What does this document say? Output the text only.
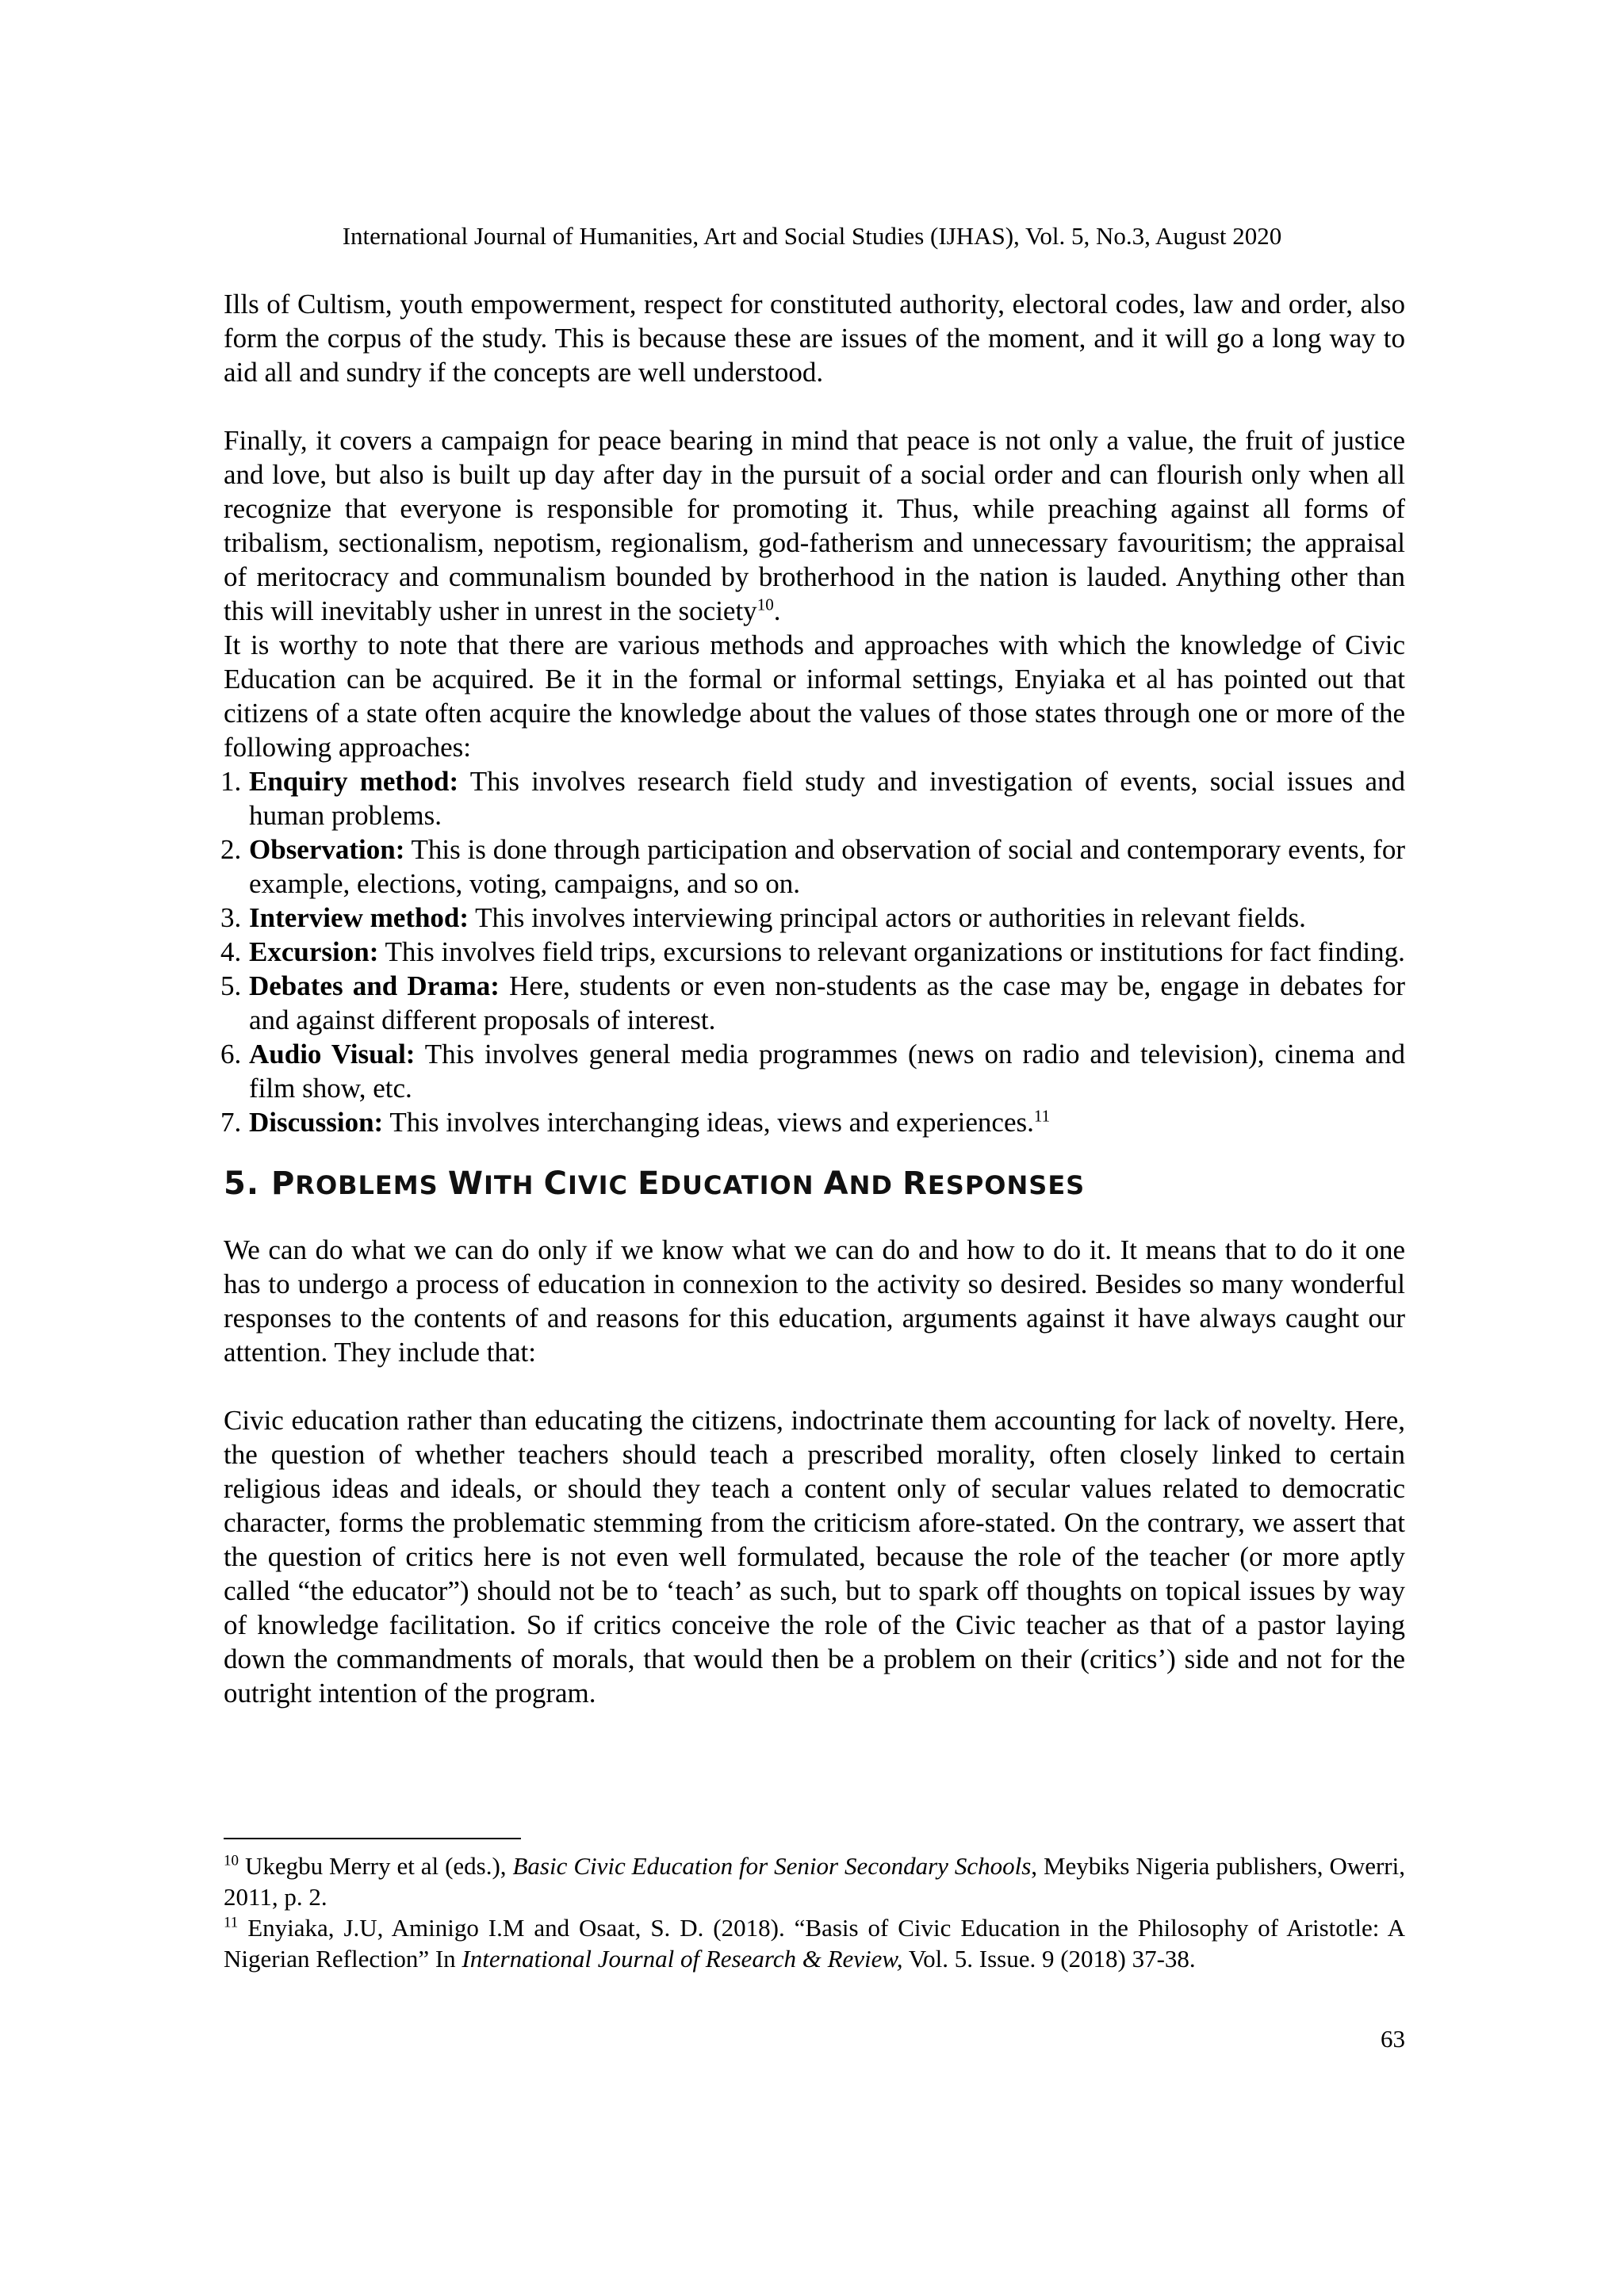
International Journal of Humanities, Art and Social Studies (IJHAS), Vol. 5, No.3, August 2020

Ills of Cultism, youth empowerment, respect for constituted authority, electoral codes, law and order, also form the corpus of the study. This is because these are issues of the moment, and it will go a long way to aid all and sundry if the concepts are well understood.

Finally, it covers a campaign for peace bearing in mind that peace is not only a value, the fruit of justice and love, but also is built up day after day in the pursuit of a social order and can flourish only when all recognize that everyone is responsible for promoting it. Thus, while preaching against all forms of tribalism, sectionalism, nepotism, regionalism, god-fatherism and unnecessary favouritism; the appraisal of meritocracy and communalism bounded by brotherhood in the nation is lauded. Anything other than this will inevitably usher in unrest in the society$^{10}$.

It is worthy to note that there are various methods and approaches with which the knowledge of Civic Education can be acquired. Be it in the formal or informal settings, Enyiaka et al has pointed out that citizens of a state often acquire the knowledge about the values of those states through one or more of the following approaches:

1. Enquiry method: This involves research field study and investigation of events, social issues and human problems.
2. Observation: This is done through participation and observation of social and contemporary events, for example, elections, voting, campaigns, and so on.
3. Interview method: This involves interviewing principal actors or authorities in relevant fields.
4. Excursion: This involves field trips, excursions to relevant organizations or institutions for fact finding.
5. Debates and Drama: Here, students or even non-students as the case may be, engage in debates for and against different proposals of interest.
6. Audio Visual: This involves general media programmes (news on radio and television), cinema and film show, etc.
7. Discussion: This involves interchanging ideas, views and experiences.$^{11}$
5. PROBLEMS WITH CIVIC EDUCATION AND RESPONSES

We can do what we can do only if we know what we can do and how to do it. It means that to do it one has to undergo a process of education in connexion to the activity so desired. Besides so many wonderful responses to the contents of and reasons for this education, arguments against it have always caught our attention. They include that:

Civic education rather than educating the citizens, indoctrinate them accounting for lack of novelty. Here, the question of whether teachers should teach a prescribed morality, often closely linked to certain religious ideas and ideals, or should they teach a content only of secular values related to democratic character, forms the problematic stemming from the criticism afore-stated. On the contrary, we assert that the question of critics here is not even well formulated, because the role of the teacher (or more aptly called “the educator”) should not be to ‘teach’ as such, but to spark off thoughts on topical issues by way of knowledge facilitation. So if critics conceive the role of the Civic teacher as that of a pastor laying down the commandments of morals, that would then be a problem on their (critics’) side and not for the outright intention of the program.

$^{10}$ Ukegbu Merry et al (eds.), Basic Civic Education for Senior Secondary Schools, Meybiks Nigeria publishers, Owerri, 2011, p. 2.

$^{11}$ Enyiaka, J.U, Aminigo I.M and Osaat, S. D. (2018). “Basis of Civic Education in the Philosophy of Aristotle: A Nigerian Reflection” In International Journal of Research & Review, Vol. 5. Issue. 9 (2018) 37-38.

63
